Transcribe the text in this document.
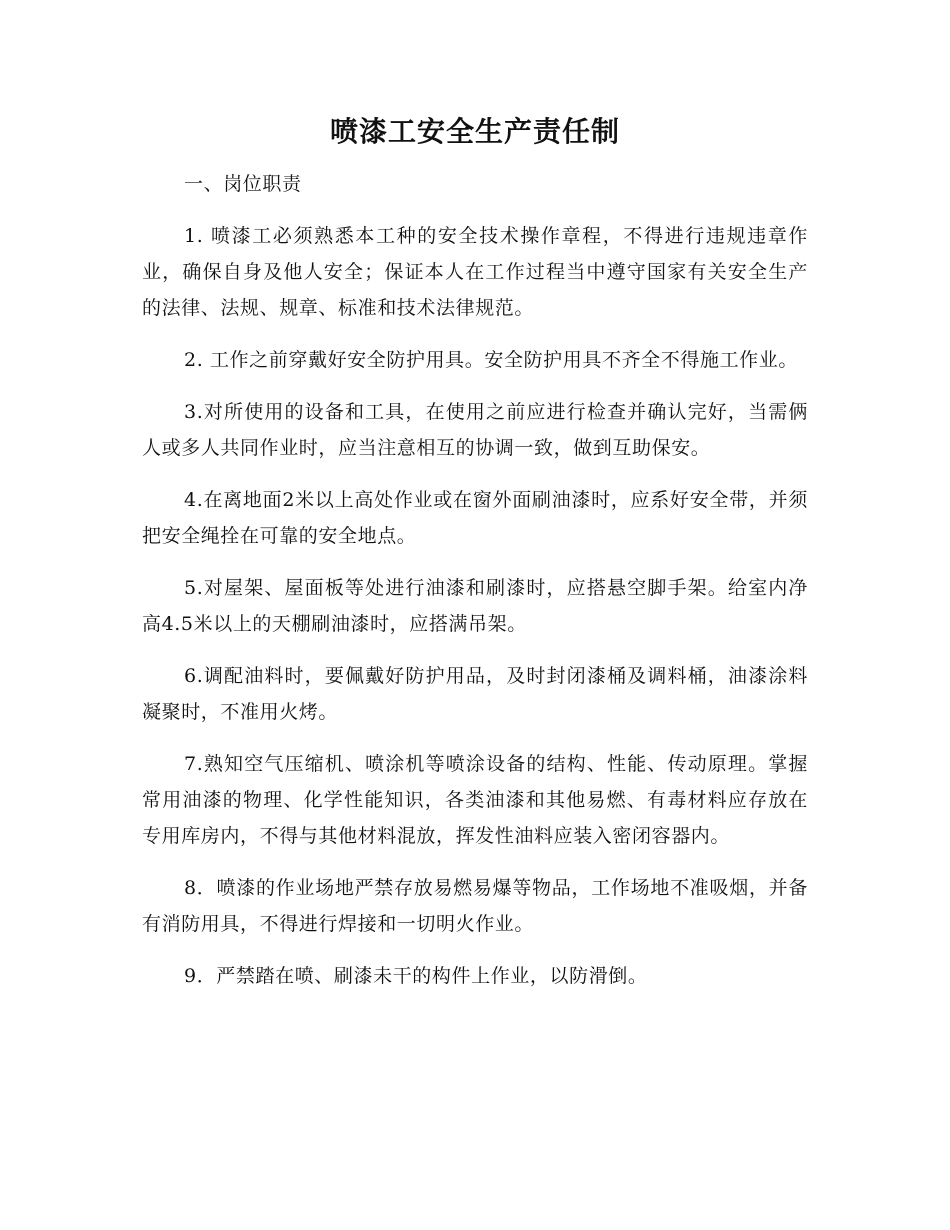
喷漆工安全生产责任制

一、岗位职责

1. 喷漆工必须熟悉本工种的安全技术操作章程，不得进行违规违章作业，确保自身及他人安全；保证本人在工作过程当中遵守国家有关安全生产的法律、法规、规章、标准和技术法律规范。

2. 工作之前穿戴好安全防护用具。安全防护用具不齐全不得施工作业。

3.对所使用的设备和工具，在使用之前应进行检查并确认完好，当需俩人或多人共同作业时，应当注意相互的协调一致，做到互助保安。

4.在离地面2米以上高处作业或在窗外面刷油漆时，应系好安全带，并须把安全绳拴在可靠的安全地点。

5.对屋架、屋面板等处进行油漆和刷漆时，应搭悬空脚手架。给室内净高4.5米以上的天棚刷油漆时，应搭满吊架。

6.调配油料时，要佩戴好防护用品，及时封闭漆桶及调料桶，油漆涂料凝聚时，不准用火烤。

7.熟知空气压缩机、喷涂机等喷涂设备的结构、性能、传动原理。掌握常用油漆的物理、化学性能知识，各类油漆和其他易燃、有毒材料应存放在专用库房内，不得与其他材料混放，挥发性油料应装入密闭容器内。

8．喷漆的作业场地严禁存放易燃易爆等物品，工作场地不准吸烟，并备有消防用具，不得进行焊接和一切明火作业。

9．严禁踏在喷、刷漆未干的构件上作业，以防滑倒。
